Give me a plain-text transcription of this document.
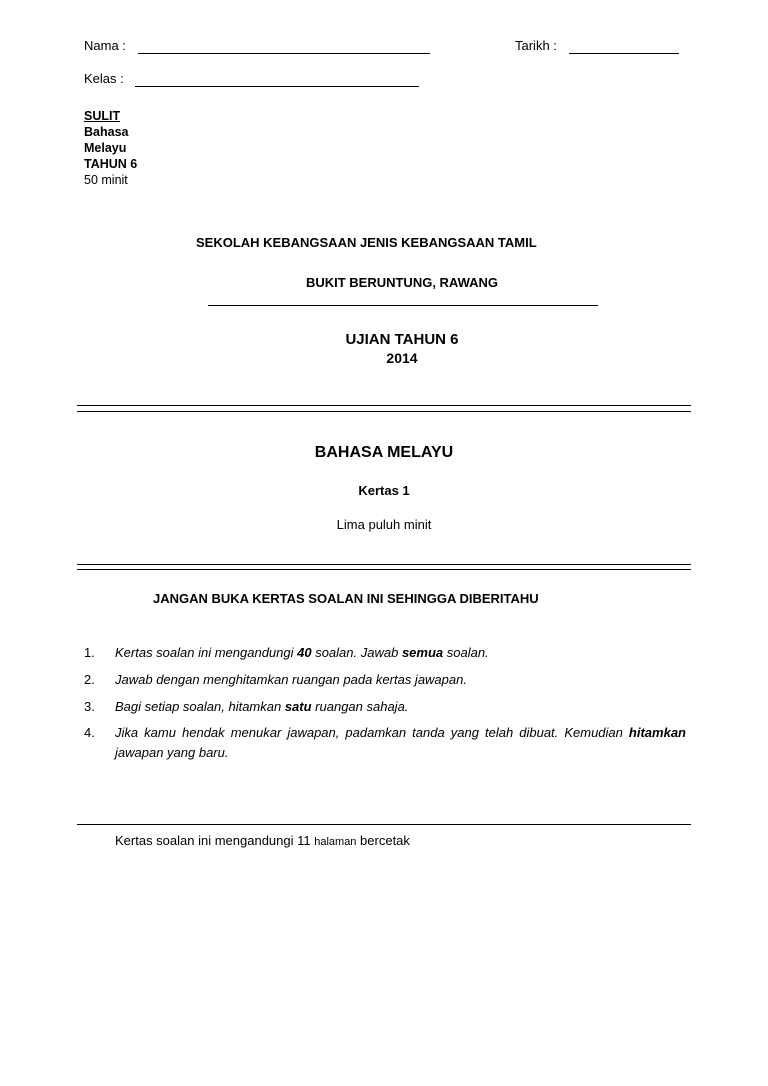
Nama :	Tarikh :
Kelas :
SULIT
Bahasa
Melayu
TAHUN 6
50 minit
SEKOLAH KEBANGSAAN JENIS KEBANGSAAN TAMIL
BUKIT BERUNTUNG, RAWANG
UJIAN TAHUN 6
2014
BAHASA MELAYU
Kertas 1
Lima puluh minit
JANGAN BUKA KERTAS SOALAN INI SEHINGGA DIBERITAHU
1. Kertas soalan ini mengandungi 40 soalan. Jawab semua soalan.
2. Jawab dengan menghitamkan ruangan pada kertas jawapan.
3. Bagi setiap soalan, hitamkan satu ruangan sahaja.
4. Jika kamu hendak menukar jawapan, padamkan tanda yang telah dibuat. Kemudian hitamkan jawapan yang baru.
Kertas soalan ini mengandungi 11 halaman bercetak
